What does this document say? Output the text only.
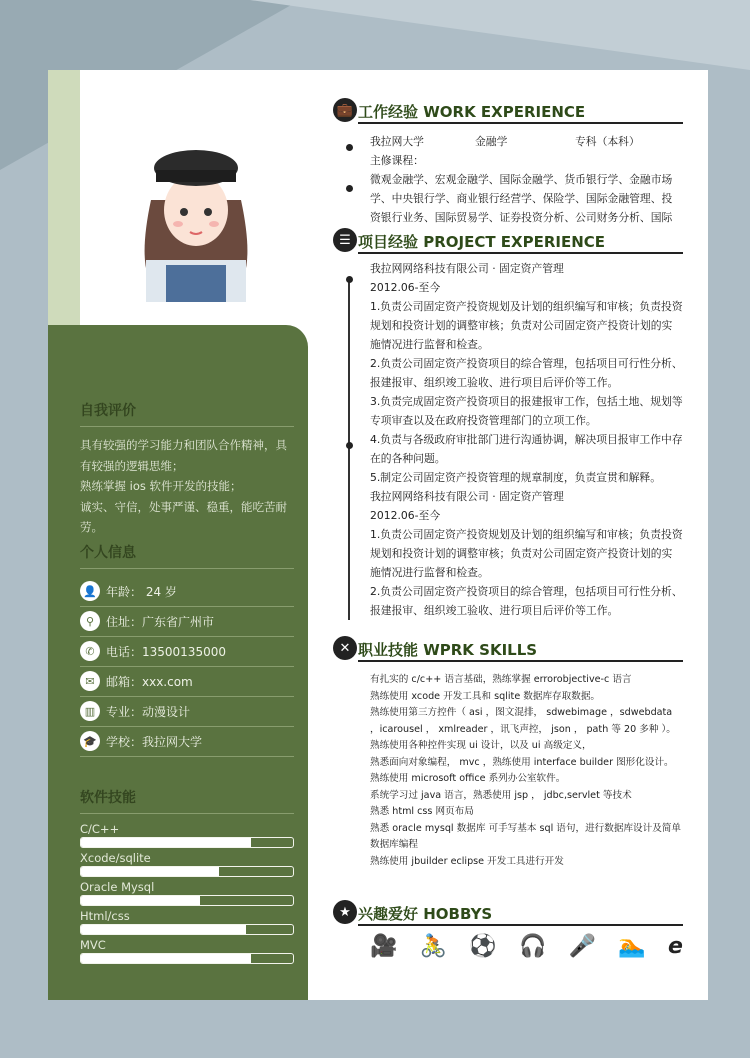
自我评价
具有较强的学习能力和团队合作精神，具有较强的逻辑思维；
熟练掌握 ios 软件开发的技能；
诚实、守信，处事严谨、稳重，能吃苦耐劳。
个人信息
👤 年龄： 24 岁
⚲ 住址：广东省广州市
✆ 电话：13500135000
✉ 邮箱：xxx.com
▥ 专业：动漫设计
🎓 学校：我拉网大学
软件技能
C/C++
Xcode/sqlite
Oracle Mysql
Html/css
MVC
💼 工作经验 WORK EXPERIENCE
我拉网大学	金融学	专科（本科）
主修课程：
微观金融学、宏观金融学、国际金融学、货币银行学、金融市场学、中央银行学、商业银行经营学、保险学、国际金融管理、投资银行业务、国际贸易学、证券投资分析、公司财务分析、国际
☰ 项目经验 PROJECT EXPERIENCE
我拉网网络科技有限公司 · 固定资产管理
2012.06-至今
1.负责公司固定资产投资规划及计划的组织编写和审核；负责投资规划和投资计划的调整审核；负责对公司固定资产投资计划的实施情况进行监督和检查。
2.负责公司固定资产投资项目的综合管理，包括项目可行性分析、报建报审、组织竣工验收、进行项目后评价等工作。
3.负责完成固定资产投资项目的报建报审工作，包括土地、规划等专项审查以及在政府投资管理部门的立项工作。
4.负责与各级政府审批部门进行沟通协调，解决项目报审工作中存在的各种问题。
5.制定公司固定资产投资管理的规章制度，负责宣贯和解释。
我拉网网络科技有限公司 · 固定资产管理
2012.06-至今
1.负责公司固定资产投资规划及计划的组织编写和审核；负责投资规划和投资计划的调整审核；负责对公司固定资产投资计划的实施情况进行监督和检查。
2.负责公司固定资产投资项目的综合管理，包括项目可行性分析、报建报审、组织竣工验收、进行项目后评价等工作。
✕ 职业技能 WPRK SKILLS
有扎实的 c/c++ 语言基础，熟练掌握 errorobjective-c 语言
熟练使用 xcode 开发工具和 sqlite 数据库存取数据。
熟练使用第三方控件（ asi ，图文混排， sdwebimage ，sdwebdata ，icarousel ， xmlreader ，讯飞声控， json ， path 等 20 多种 ）。
熟练使用各种控件实现 ui 设计，以及 ui 高级定义，
熟悉面向对象编程， mvc ，熟练使用 interface builder 图形化设计。
熟练使用 microsoft office 系列办公室软件。
系统学习过 java 语言，熟悉使用 jsp ， jdbc,servlet 等技术
熟悉 html css 网页布局
熟悉 oracle mysql 数据库 可手写基本 sql 语句，进行数据库设计及简单数据库编程
熟练使用 jbuilder eclipse 开发工具进行开发
★ 兴趣爱好 HOBBYS
🎥 🚴 ⚽ 🎧 🎤 🏊 e
